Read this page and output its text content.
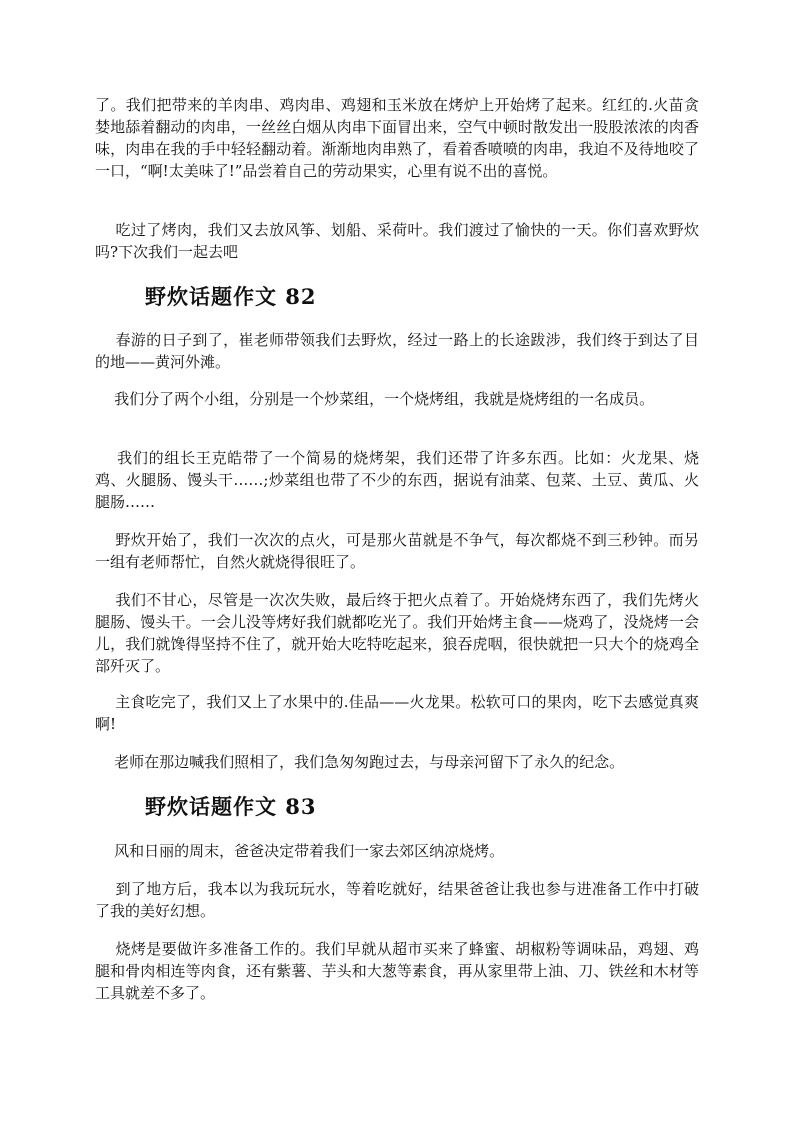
了。我们把带来的羊肉串、鸡肉串、鸡翅和玉米放在烤炉上开始烤了起来。红红的.火苗贪婪地舔着翻动的肉串，一丝丝白烟从肉串下面冒出来，空气中顿时散发出一股股浓浓的肉香味，肉串在我的手中轻轻翻动着。渐渐地肉串熟了，看着香喷喷的肉串，我迫不及待地咬了一口，“啊!太美味了!”品尝着自己的劳动果实，心里有说不出的喜悦。

吃过了烤肉，我们又去放风筝、划船、采荷叶。我们渡过了愉快的一天。你们喜欢野炊吗?下次我们一起去吧

野炊话题作文 82

春游的日子到了，崔老师带领我们去野炊，经过一路上的长途跋涉，我们终于到达了目的地——黄河外滩。

我们分了两个小组，分别是一个炒菜组，一个烧烤组，我就是烧烤组的一名成员。

我们的组长王克皓带了一个简易的烧烤架，我们还带了许多东西。比如：火龙果、烧鸡、火腿肠、馒头干……;炒菜组也带了不少的东西，据说有油菜、包菜、土豆、黄瓜、火腿肠……

野炊开始了，我们一次次的点火，可是那火苗就是不争气，每次都烧不到三秒钟。而另一组有老师帮忙，自然火就烧得很旺了。

我们不甘心，尽管是一次次失败，最后终于把火点着了。开始烧烤东西了，我们先烤火腿肠、馒头干。一会儿没等烤好我们就都吃光了。我们开始烤主食——烧鸡了，没烧烤一会儿，我们就馋得坚持不住了，就开始大吃特吃起来，狼吞虎咽，很快就把一只大个的烧鸡全部歼灭了。

主食吃完了，我们又上了水果中的.佳品——火龙果。松软可口的果肉，吃下去感觉真爽啊!

老师在那边喊我们照相了，我们急匆匆跑过去，与母亲河留下了永久的纪念。

野炊话题作文 83

风和日丽的周末，爸爸决定带着我们一家去郊区纳凉烧烤。

到了地方后，我本以为我玩玩水，等着吃就好，结果爸爸让我也参与进准备工作中打破了我的美好幻想。

烧烤是要做许多准备工作的。我们早就从超市买来了蜂蜜、胡椒粉等调味品，鸡翅、鸡腿和骨肉相连等肉食，还有紫薯、芋头和大葱等素食，再从家里带上油、刀、铁丝和木材等工具就差不多了。
